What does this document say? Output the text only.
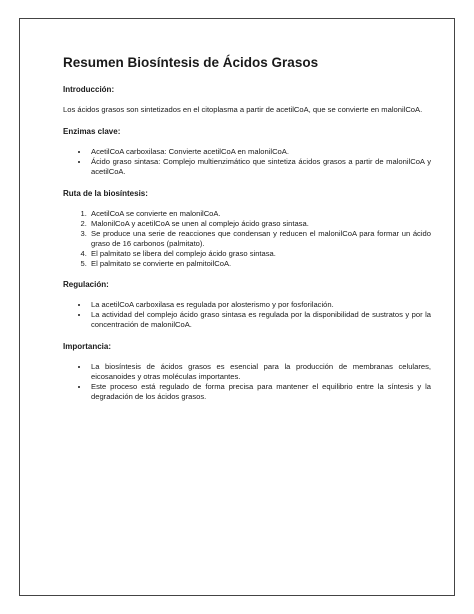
Resumen Biosíntesis de Ácidos Grasos

Introducción:

Los ácidos grasos son sintetizados en el citoplasma a partir de acetilCoA, que se convierte en malonilCoA.

Enzimas clave:

• AcetilCoA carboxilasa: Convierte acetilCoA en malonilCoA.
• Ácido graso sintasa: Complejo multienzimático que sintetiza ácidos grasos a partir de malonilCoA y acetilCoA.

Ruta de la biosíntesis:

1. AcetilCoA se convierte en malonilCoA.
2. MalonilCoA y acetilCoA se unen al complejo ácido graso sintasa.
3. Se produce una serie de reacciones que condensan y reducen el malonilCoA para formar un ácido graso de 16 carbonos (palmitato).
4. El palmitato se libera del complejo ácido graso sintasa.
5. El palmitato se convierte en palmitoilCoA.

Regulación:

• La acetilCoA carboxilasa es regulada por alosterismo y por fosforilación.
• La actividad del complejo ácido graso sintasa es regulada por la disponibilidad de sustratos y por la concentración de malonilCoA.

Importancia:

• La biosíntesis de ácidos grasos es esencial para la producción de membranas celulares, eicosanoides y otras moléculas importantes.
• Este proceso está regulado de forma precisa para mantener el equilibrio entre la síntesis y la degradación de los ácidos grasos.
